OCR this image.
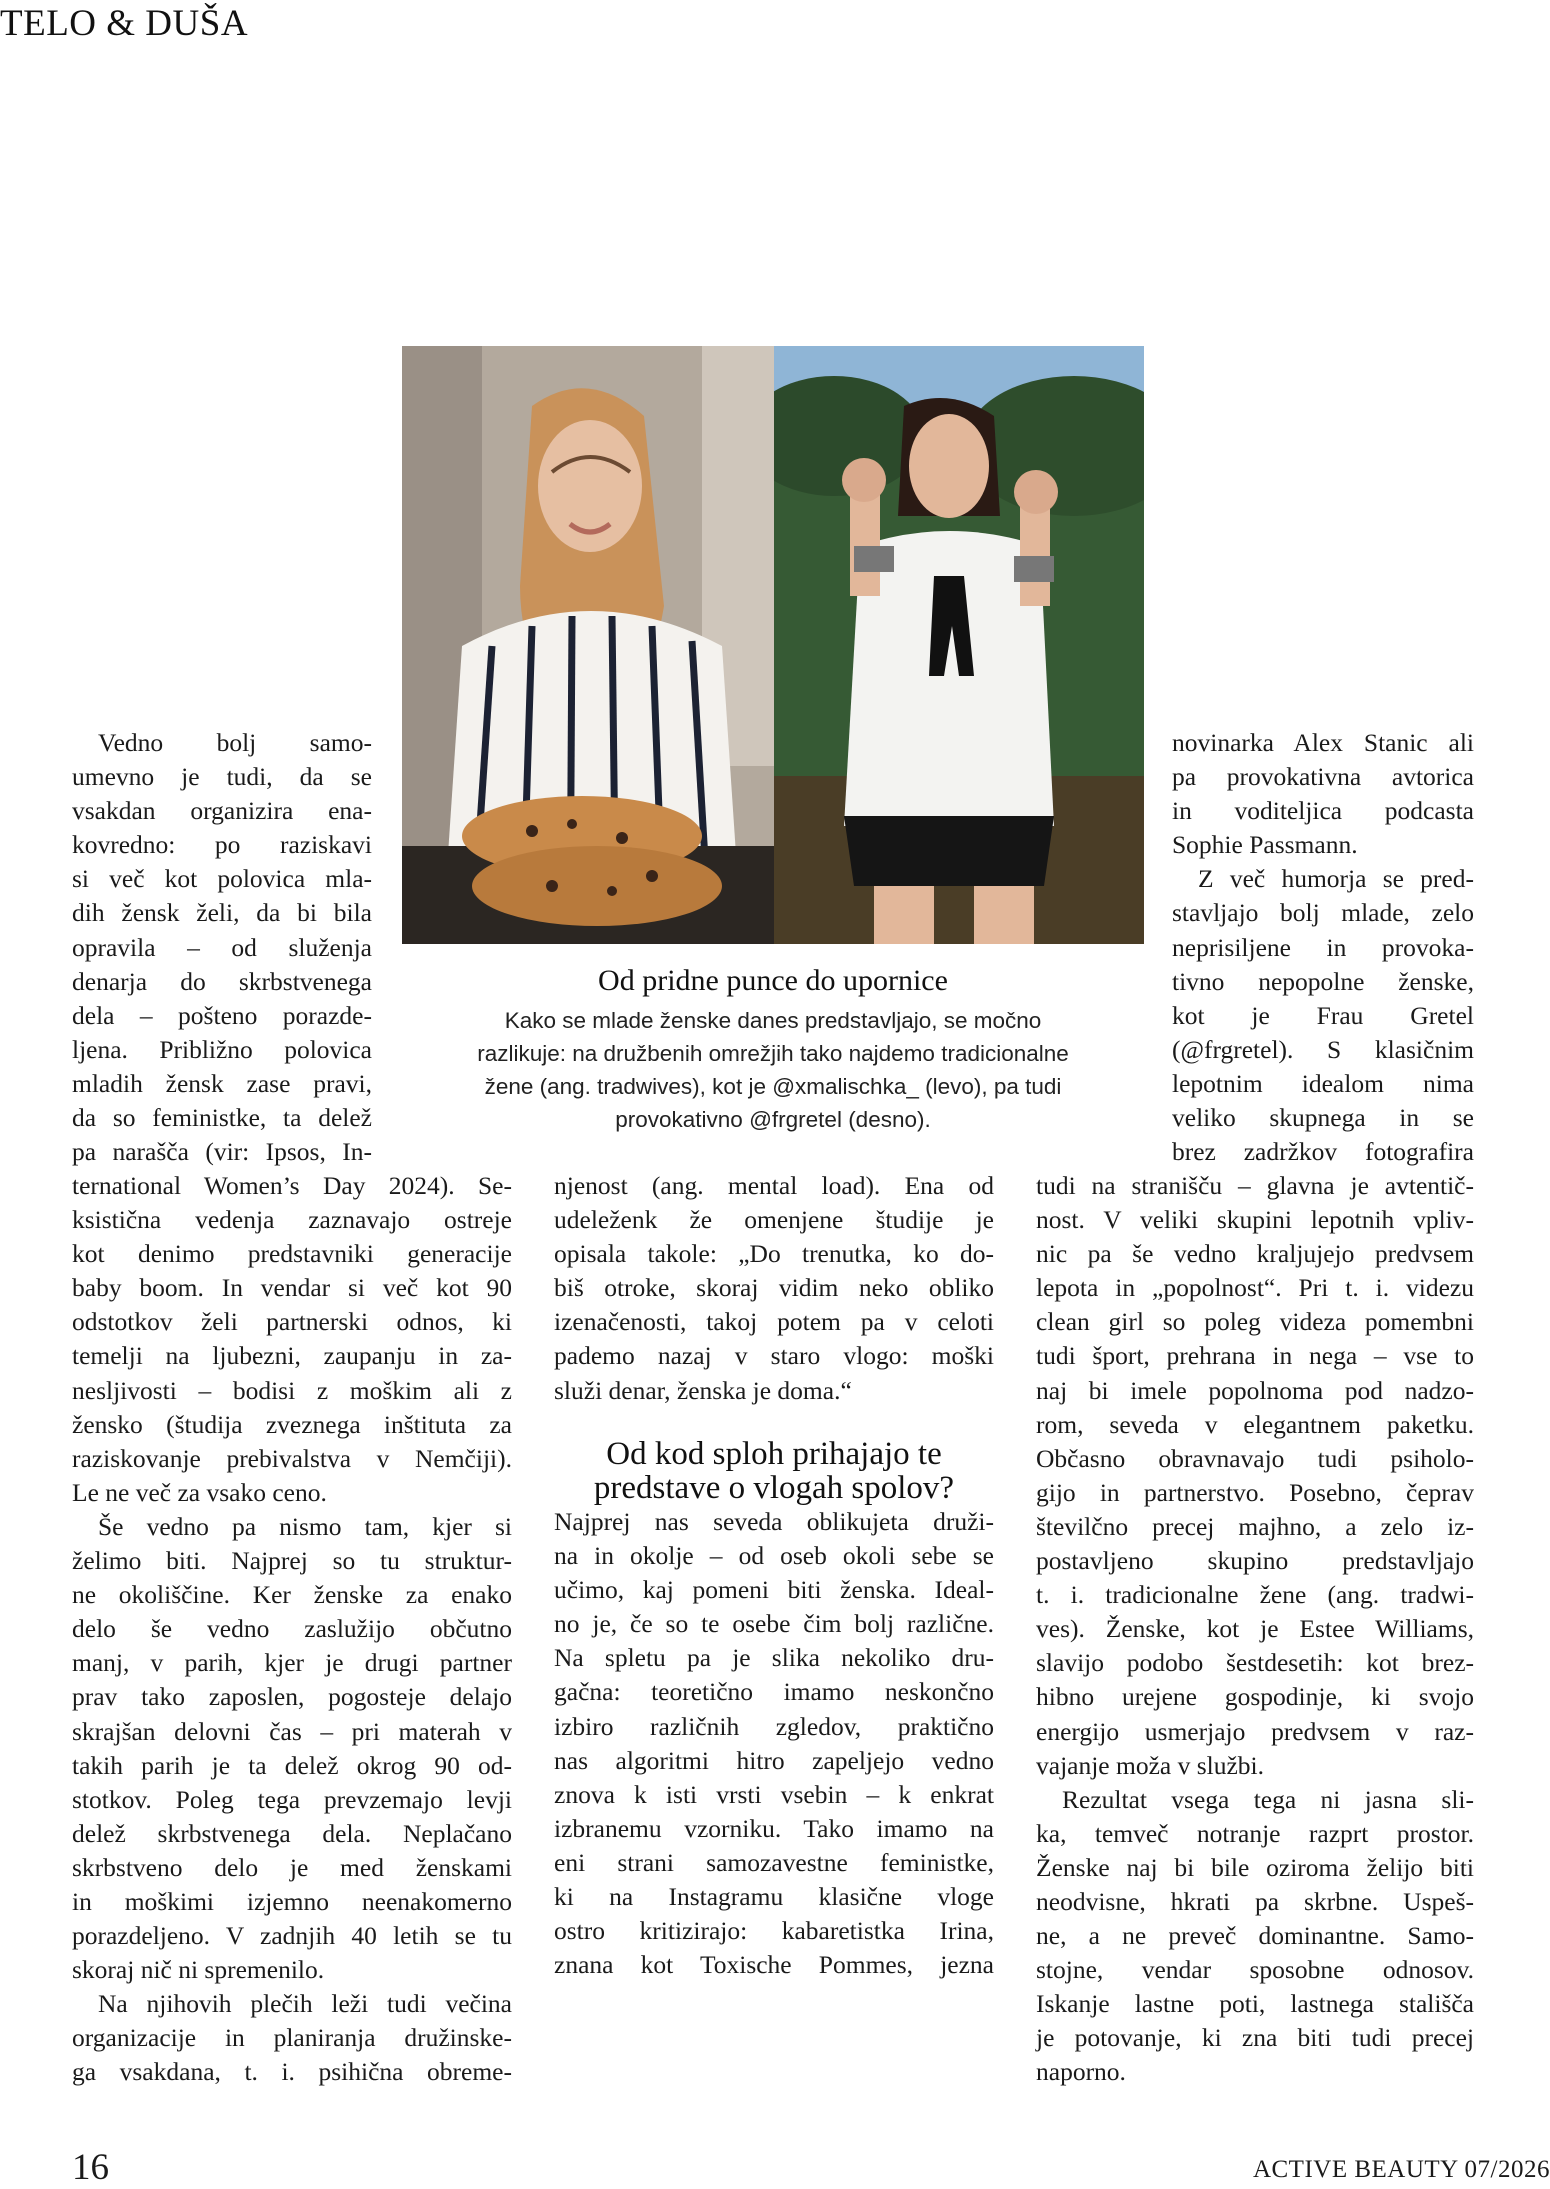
TELO & DUŠA
Od pridne punce do upornice
Kako se mlade ženske danes predstavljajo, se močno
razlikuje: na družbenih omrežjih tako najdemo tradicionalne
žene (ang. tradwives), kot je @xmalischka_ (levo), pa tudi
provokativno @frgretel (desno).
Vedno bolj samo-
umevno je tudi, da se
vsakdan organizira ena-
kovredno: po raziskavi
si več kot polovica mla-
dih žensk želi, da bi bila
opravila – od služenja
denarja do skrbstvenega
dela – pošteno porazde-
ljena. Približno polovica
mladih žensk zase pravi,
da so feministke, ta delež
pa narašča (vir: Ipsos, In-
ternational Women’s Day 2024). Se-
ksistična vedenja zaznavajo ostreje
kot denimo predstavniki generacije
baby boom. In vendar si več kot 90
odstotkov želi partnerski odnos, ki
temelji na ljubezni, zaupanju in za-
nesljivosti – bodisi z moškim ali z
žensko (študija zveznega inštituta za
raziskovanje prebivalstva v Nemčiji).
Le ne več za vsako ceno.
Še vedno pa nismo tam, kjer si
želimo biti. Najprej so tu struktur-
ne okoliščine. Ker ženske za enako
delo še vedno zaslužijo občutno
manj, v parih, kjer je drugi partner
prav tako zaposlen, pogosteje delajo
skrajšan delovni čas – pri materah v
takih parih je ta delež okrog 90 od-
stotkov. Poleg tega prevzemajo levji
delež skrbstvenega dela. Neplačano
skrbstveno delo je med ženskami
in moškimi izjemno neenakomerno
porazdeljeno. V zadnjih 40 letih se tu
skoraj nič ni spremenilo.
Na njihovih plečih leži tudi večina
organizacije in planiranja družinske-
ga vsakdana, t. i. psihična obreme-
njenost (ang. mental load). Ena od
udeleženk že omenjene študije je
opisala takole: „Do trenutka, ko do-
biš otroke, skoraj vidim neko obliko
izenačenosti, takoj potem pa v celoti
pademo nazaj v staro vlogo: moški
služi denar, ženska je doma.“
Od kod sploh prihajajo te
predstave o vlogah spolov?
Najprej nas seveda oblikujeta druži-
na in okolje – od oseb okoli sebe se
učimo, kaj pomeni biti ženska. Ideal-
no je, če so te osebe čim bolj različne.
Na spletu pa je slika nekoliko dru-
gačna: teoretično imamo neskončno
izbiro različnih zgledov, praktično
nas algoritmi hitro zapeljejo vedno
znova k isti vrsti vsebin – k enkrat
izbranemu vzorniku. Tako imamo na
eni strani samozavestne feministke,
ki na Instagramu klasične vloge
ostro kritizirajo: kabaretistka Irina,
znana kot Toxische Pommes, jezna
novinarka Alex Stanic ali
pa provokativna avtorica
in voditeljica podcasta
Sophie Passmann.
Z več humorja se pred-
stavljajo bolj mlade, zelo
neprisiljene in provoka-
tivno nepopolne ženske,
kot je Frau Gretel
(@frgretel). S klasičnim
lepotnim idealom nima
veliko skupnega in se
brez zadržkov fotografira
tudi na stranišču – glavna je avtentič-
nost. V veliki skupini lepotnih vpliv-
nic pa še vedno kraljujejo predvsem
lepota in „popolnost“. Pri t. i. videzu
clean girl so poleg videza pomembni
tudi šport, prehrana in nega – vse to
naj bi imele popolnoma pod nadzo-
rom, seveda v elegantnem paketku.
Občasno obravnavajo tudi psiholo-
gijo in partnerstvo. Posebno, čeprav
številčno precej majhno, a zelo iz-
postavljeno skupino predstavljajo
t. i. tradicionalne žene (ang. tradwi-
ves). Ženske, kot je Estee Williams,
slavijo podobo šestdesetih: kot brez-
hibno urejene gospodinje, ki svojo
energijo usmerjajo predvsem v raz-
vajanje moža v službi.
Rezultat vsega tega ni jasna sli-
ka, temveč notranje razprt prostor.
Ženske naj bi bile oziroma želijo biti
neodvisne, hkrati pa skrbne. Uspeš-
ne, a ne preveč dominantne. Samo-
stojne, vendar sposobne odnosov.
Iskanje lastne poti, lastnega stališča
je potovanje, ki zna biti tudi precej
naporno.
16	ACTIVE BEAUTY 07/2026
